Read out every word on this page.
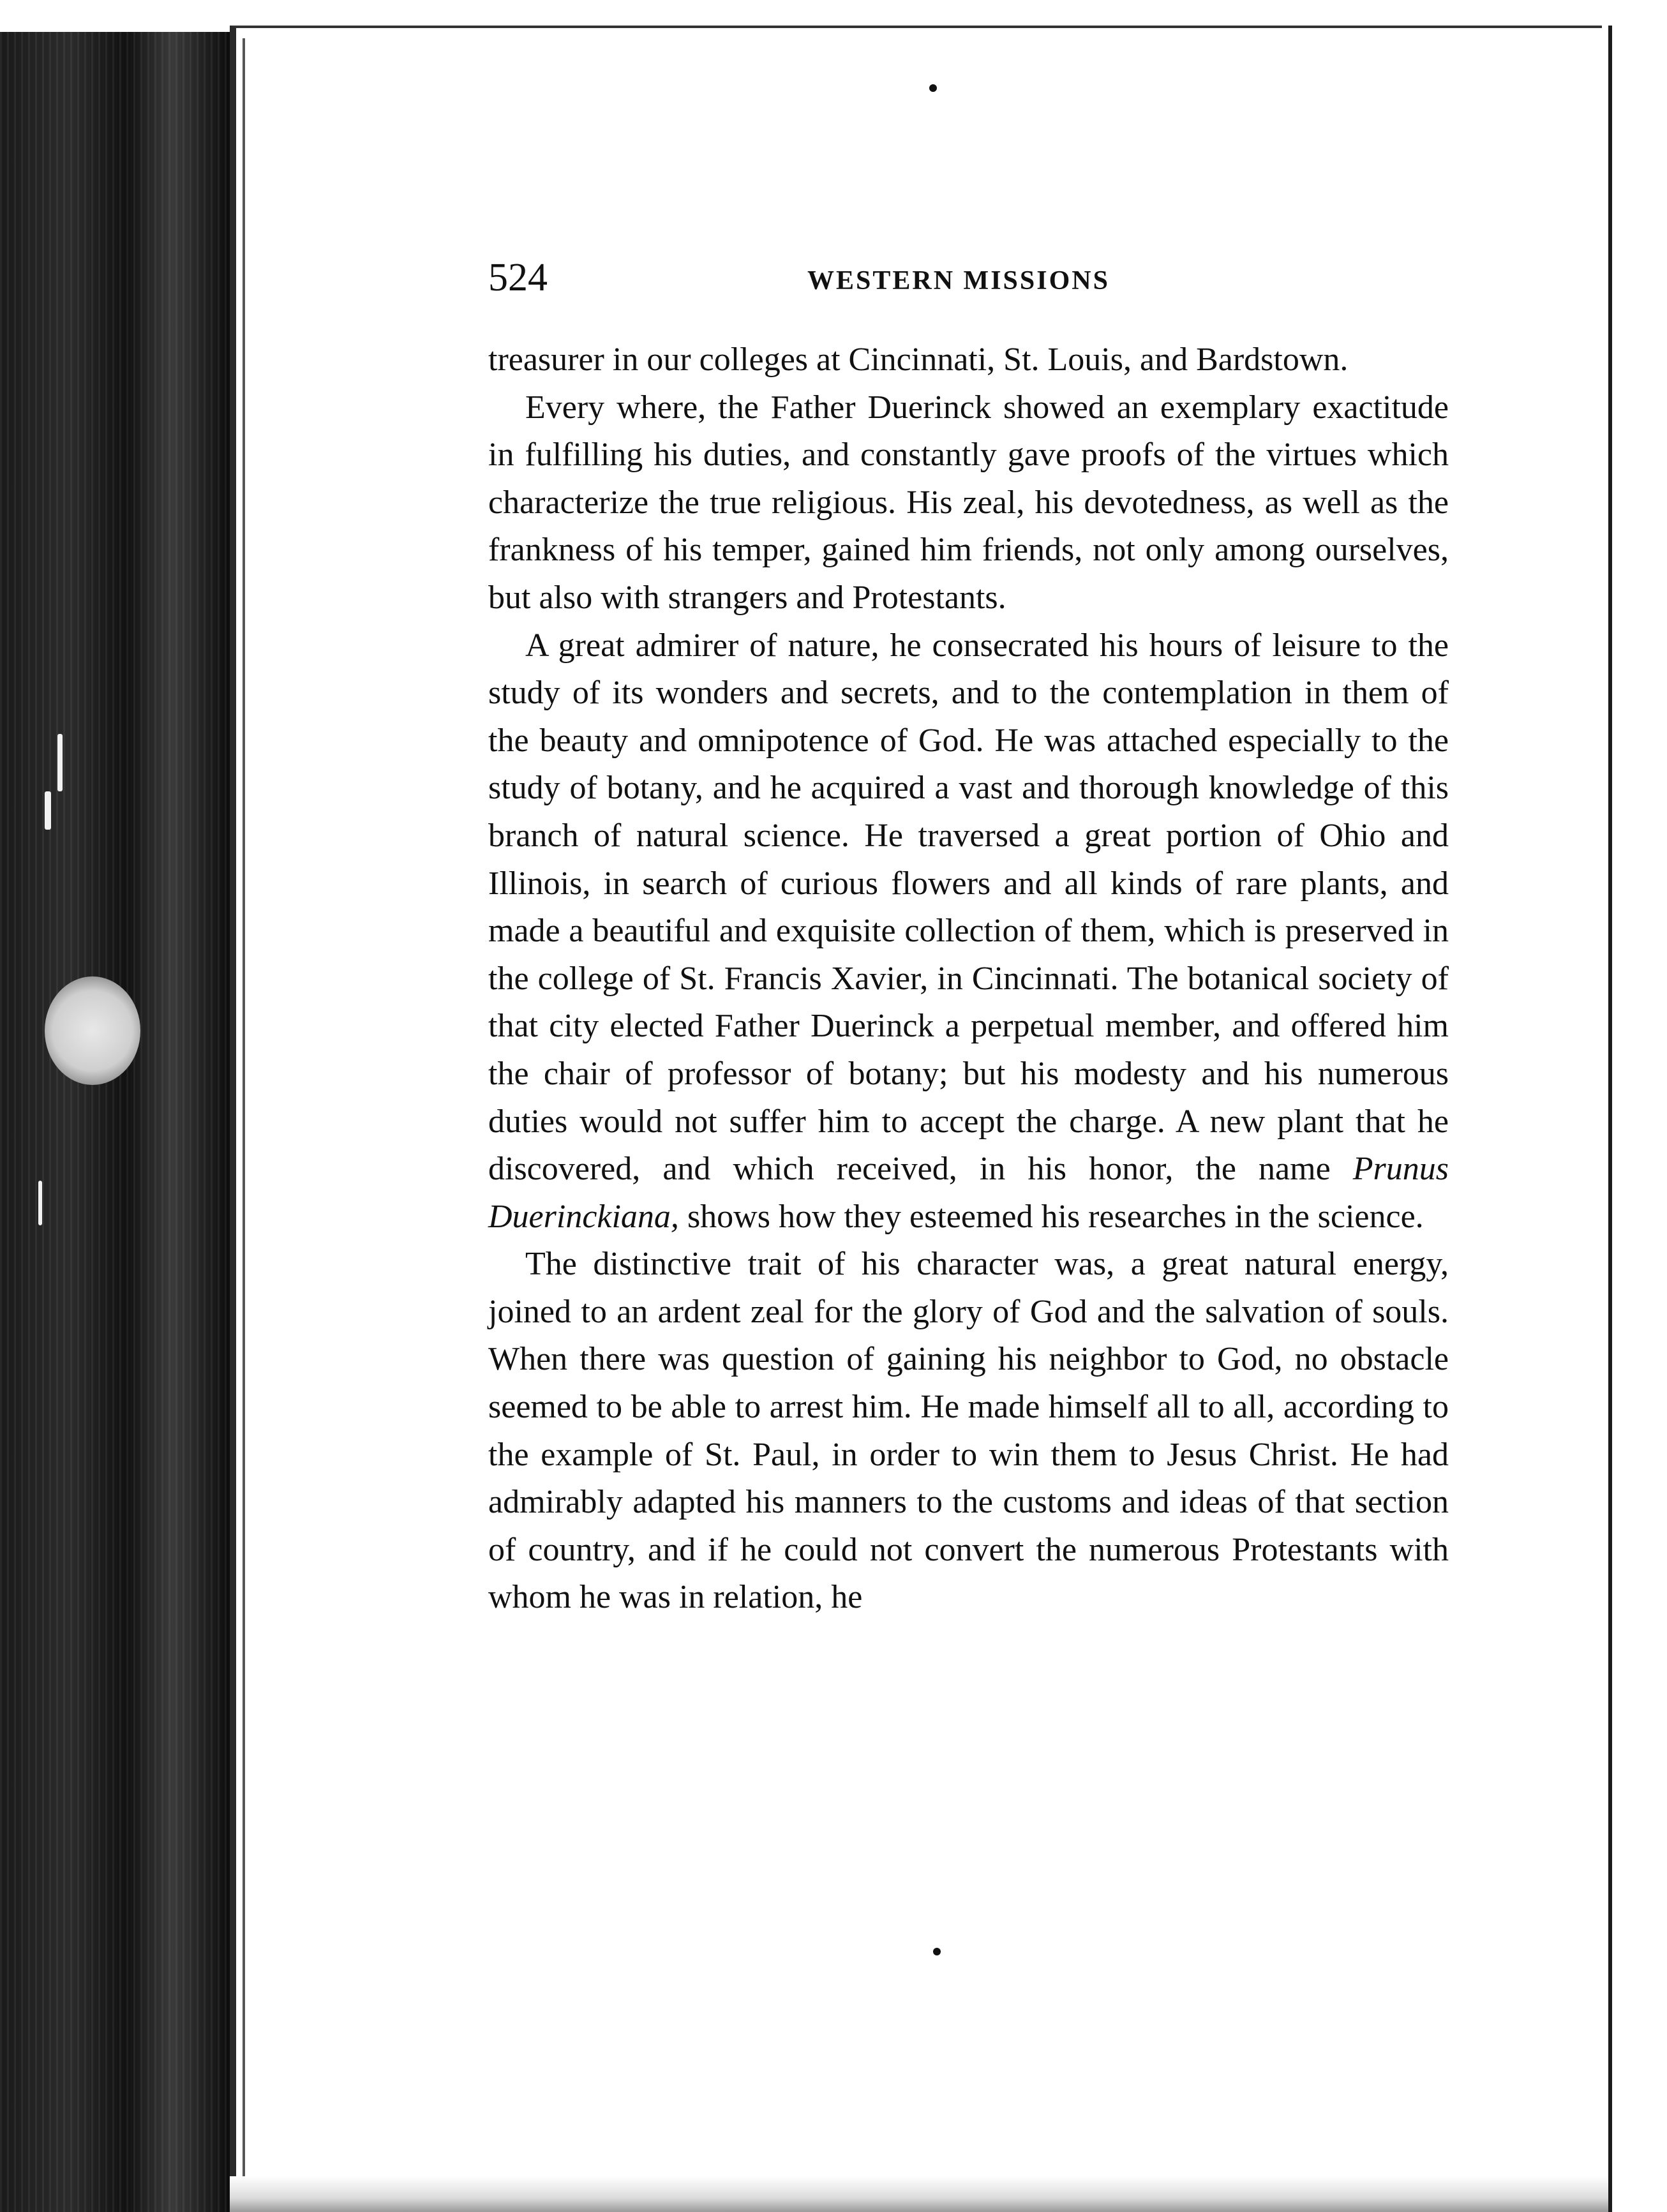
524	WESTERN MISSIONS

treasurer in our colleges at Cincinnati, St. Louis, and Bardstown.

Every where, the Father Duerinck showed an exemplary exactitude in fulfilling his duties, and constantly gave proofs of the virtues which characterize the true religious. His zeal, his devotedness, as well as the frankness of his temper, gained him friends, not only among ourselves, but also with strangers and Protestants.

A great admirer of nature, he consecrated his hours of leisure to the study of its wonders and secrets, and to the contemplation in them of the beauty and omnipotence of God. He was attached especially to the study of botany, and he acquired a vast and thorough knowledge of this branch of natural science. He traversed a great portion of Ohio and Illinois, in search of curious flowers and all kinds of rare plants, and made a beautiful and exquisite collection of them, which is preserved in the college of St. Francis Xavier, in Cincinnati. The botanical society of that city elected Father Duerinck a perpetual member, and offered him the chair of professor of botany; but his modesty and his numerous duties would not suffer him to accept the charge. A new plant that he discovered, and which received, in his honor, the name Prunus Duerinckiana, shows how they esteemed his researches in the science.

The distinctive trait of his character was, a great natural energy, joined to an ardent zeal for the glory of God and the salvation of souls. When there was question of gaining his neighbor to God, no obstacle seemed to be able to arrest him. He made himself all to all, according to the example of St. Paul, in order to win them to Jesus Christ. He had admirably adapted his manners to the customs and ideas of that section of country, and if he could not convert the numerous Protestants with whom he was in relation, he
